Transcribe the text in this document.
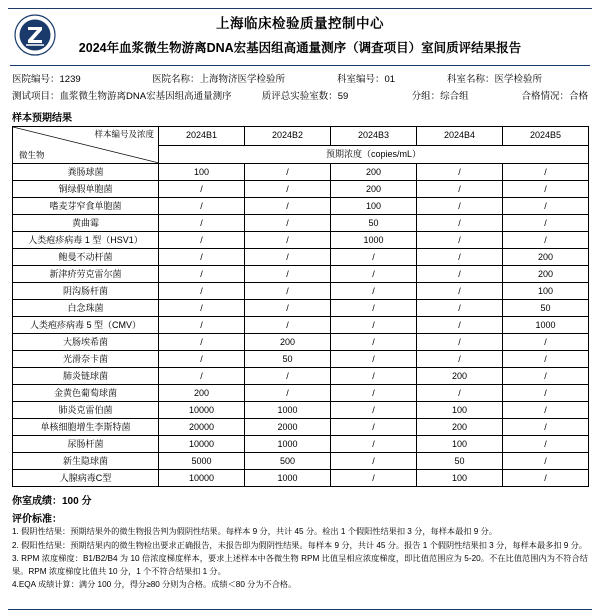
上海临床检验质量控制中心
2024年血浆微生物游离DNA宏基因组高通量测序（调查项目）室间质评结果报告
医院编号：1239	医院名称：上海物济医学检验所	科室编号：01	科室名称：医学检验所
测试项目：血浆微生物游离DNA宏基因组高通量测序	质评总实验室数：59	分组：综合组	合格情况：合格
样本预期结果
样本编号及浓度
微生物	2024B1	2024B2	2024B3	2024B4	2024B5
	预期浓度（copies/mL）				
粪肠球菌	100	/	200	/	/
铜绿假单胞菌	/	/	200	/	/
嗜麦芽窄食单胞菌	/	/	100	/	/
黄曲霉	/	/	50	/	/
人类疱疹病毒 1 型（HSV1）	/	/	1000	/	/
鲍曼不动杆菌	/	/	/	/	200
新津疥劳克雷尔菌	/	/	/	/	200
阴沟肠杆菌	/	/	/	/	100
白念珠菌	/	/	/	/	50
人类疱疹病毒 5 型（CMV）	/	/	/	/	1000
大肠埃希菌	/	200	/	/	/
光滑奈卡菌	/	50	/	/	/
肺炎链球菌	/	/	/	200	/
金黄色葡萄球菌	200	/	/	/	/
肺炎克雷伯菌	10000	1000	/	100	/
单核细胞增生李斯特菌	20000	2000	/	200	/
尿肠杆菌	10000	1000	/	100	/
新生隐球菌	5000	500	/	50	/
人腺病毒C型	10000	1000	/	100	/
你室成绩：100 分
评价标准：

1. 假阴性结果：预期结果外的微生物报告判为假阴性结果。每样本 9 分，共计 45 分。检出 1 个假阳性结果扣 3 分，每样本最扣 9 分。

2. 假阳性结果：预期结果内的微生物检出要求正确报告，未报告即为假阴性结果。每样本 9 分，共计 45 分。报告 1 个假阴性结果扣 3 分，每样本最多扣 9 分。

3. RPM 浓度梯度：B1/B2/B4 为 10 倍浓度梯度样本，要求上述样本中各微生物 RPM 比值呈相应浓度梯度，即比值范围应为 5-20。不在比值范围内为不符合结果。RPM 浓度梯度比值共 10 分，1 个不符合结果扣 1 分。

4.EQA 成绩计算：满分 100 分，得分≥80 分则为合格。成绩＜80 分为不合格。
